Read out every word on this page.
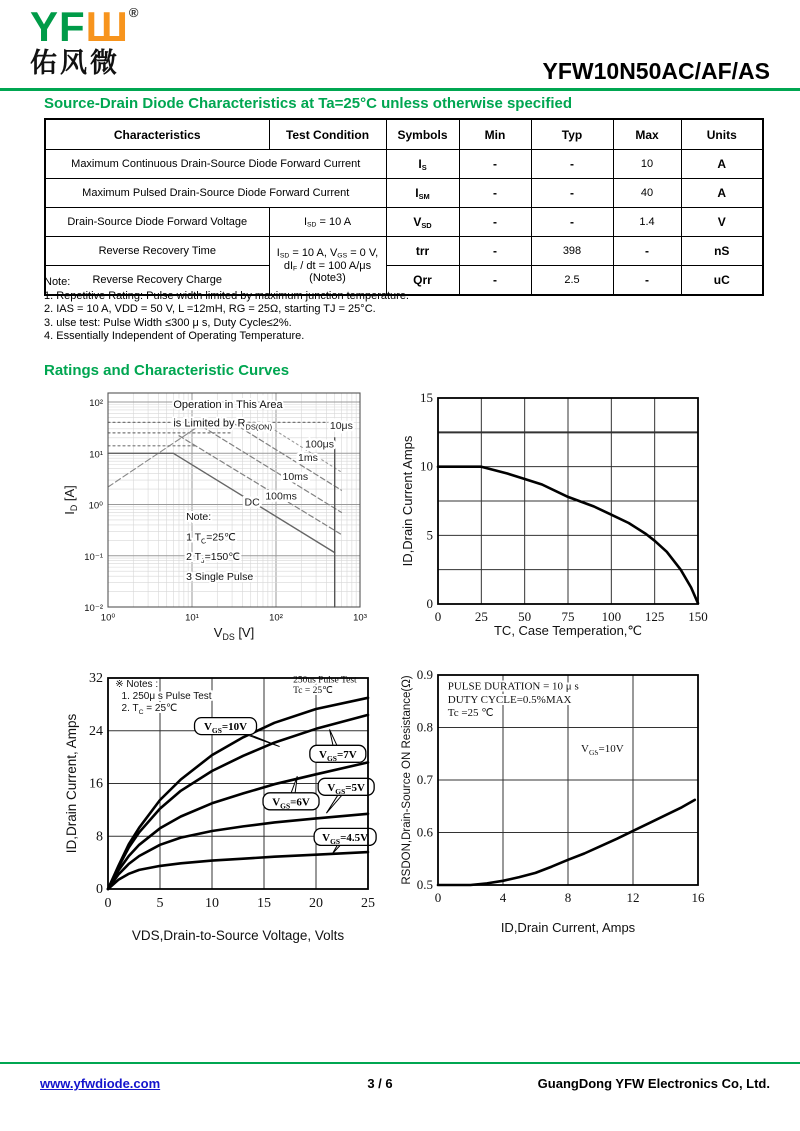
YFШ®
佑风微	YFW10N50AC/AF/AS
Source-Drain Diode Characteristics at Ta=25°C unless otherwise specified
Characteristics	Test Condition	Symbols	Min	Typ	Max	Units
Maximum Continuous Drain-Source Diode Forward Current		$I_S$	-	-	10	A
Maximum Pulsed Drain-Source Diode Forward Current		$I_{SM}$	-	-	40	A
Drain-Source Diode Forward Voltage	$I_{SD} = 10$ A	$V_{SD}$	-	-	1.4	V
Reverse Recovery Time	$I_{SD} = 10$ A, $V_{GS} = 0$ V,
$dI_F$ / dt = 100 A/μs
(Note3)	trr	-	398	-	nS
Reverse Recovery Charge		Qrr	-	2.5	-	uC
Note:
1. Repetitive Rating: Pulse width limited by maximum junction temperature.
2. IAS = 10 A, VDD = 50 V, L =12mH, RG = 25Ω, starting TJ = 25°C.
3. ulse test: Pulse Width ≤300 μ s, Duty Cycle≤2%.
4. Essentially Independent of Operating Temperature.
Ratings and Characteristic Curves
10μs
100μs
1ms
10ms
100ms
DC
Operation in This Area
is Limited by $R_{DS(ON)}$
Note:
1 $T_C=25℃$
2 $T_J=150℃$
3 Single Pulse
10⁰	10¹	10²	10³
10²
10¹
10⁰
10⁻¹
10⁻²
$V_{DS}$ [V]
$I_D$ [A]
0	25 50 75 100 125 150
0
5
10
15
TC, Case Temperation,℃
ID,Drain Current Amps
※ Notes :
1. 250μ s Pulse Test
2. $T_C$ = 25℃
250us Pulse Test
Tc = 25℃
$V_{GS}=10V$
$V_{GS}=7V$
$V_{GS}=6V$
$V_{GS}=5V$
$V_{GS}=4.5V$
0	5	10	15	20	25
0
8
16
24
32
VDS,Drain-to-Source Voltage, Volts
ID,Drain Current, Amps
PULSE DURATION = 10 μ s
DUTY CYCLE=0.5%MAX
Tc =25 ℃
$V_{GS}=10V$
0	4	8	12	16
0.5
0.6
0.7
0.8
0.9
ID,Drain Current, Amps
RSDON,Drain-Source ON Resistance(Ω)
www.yfwdiode.com	3 / 6	GuangDong YFW Electronics Co, Ltd.
